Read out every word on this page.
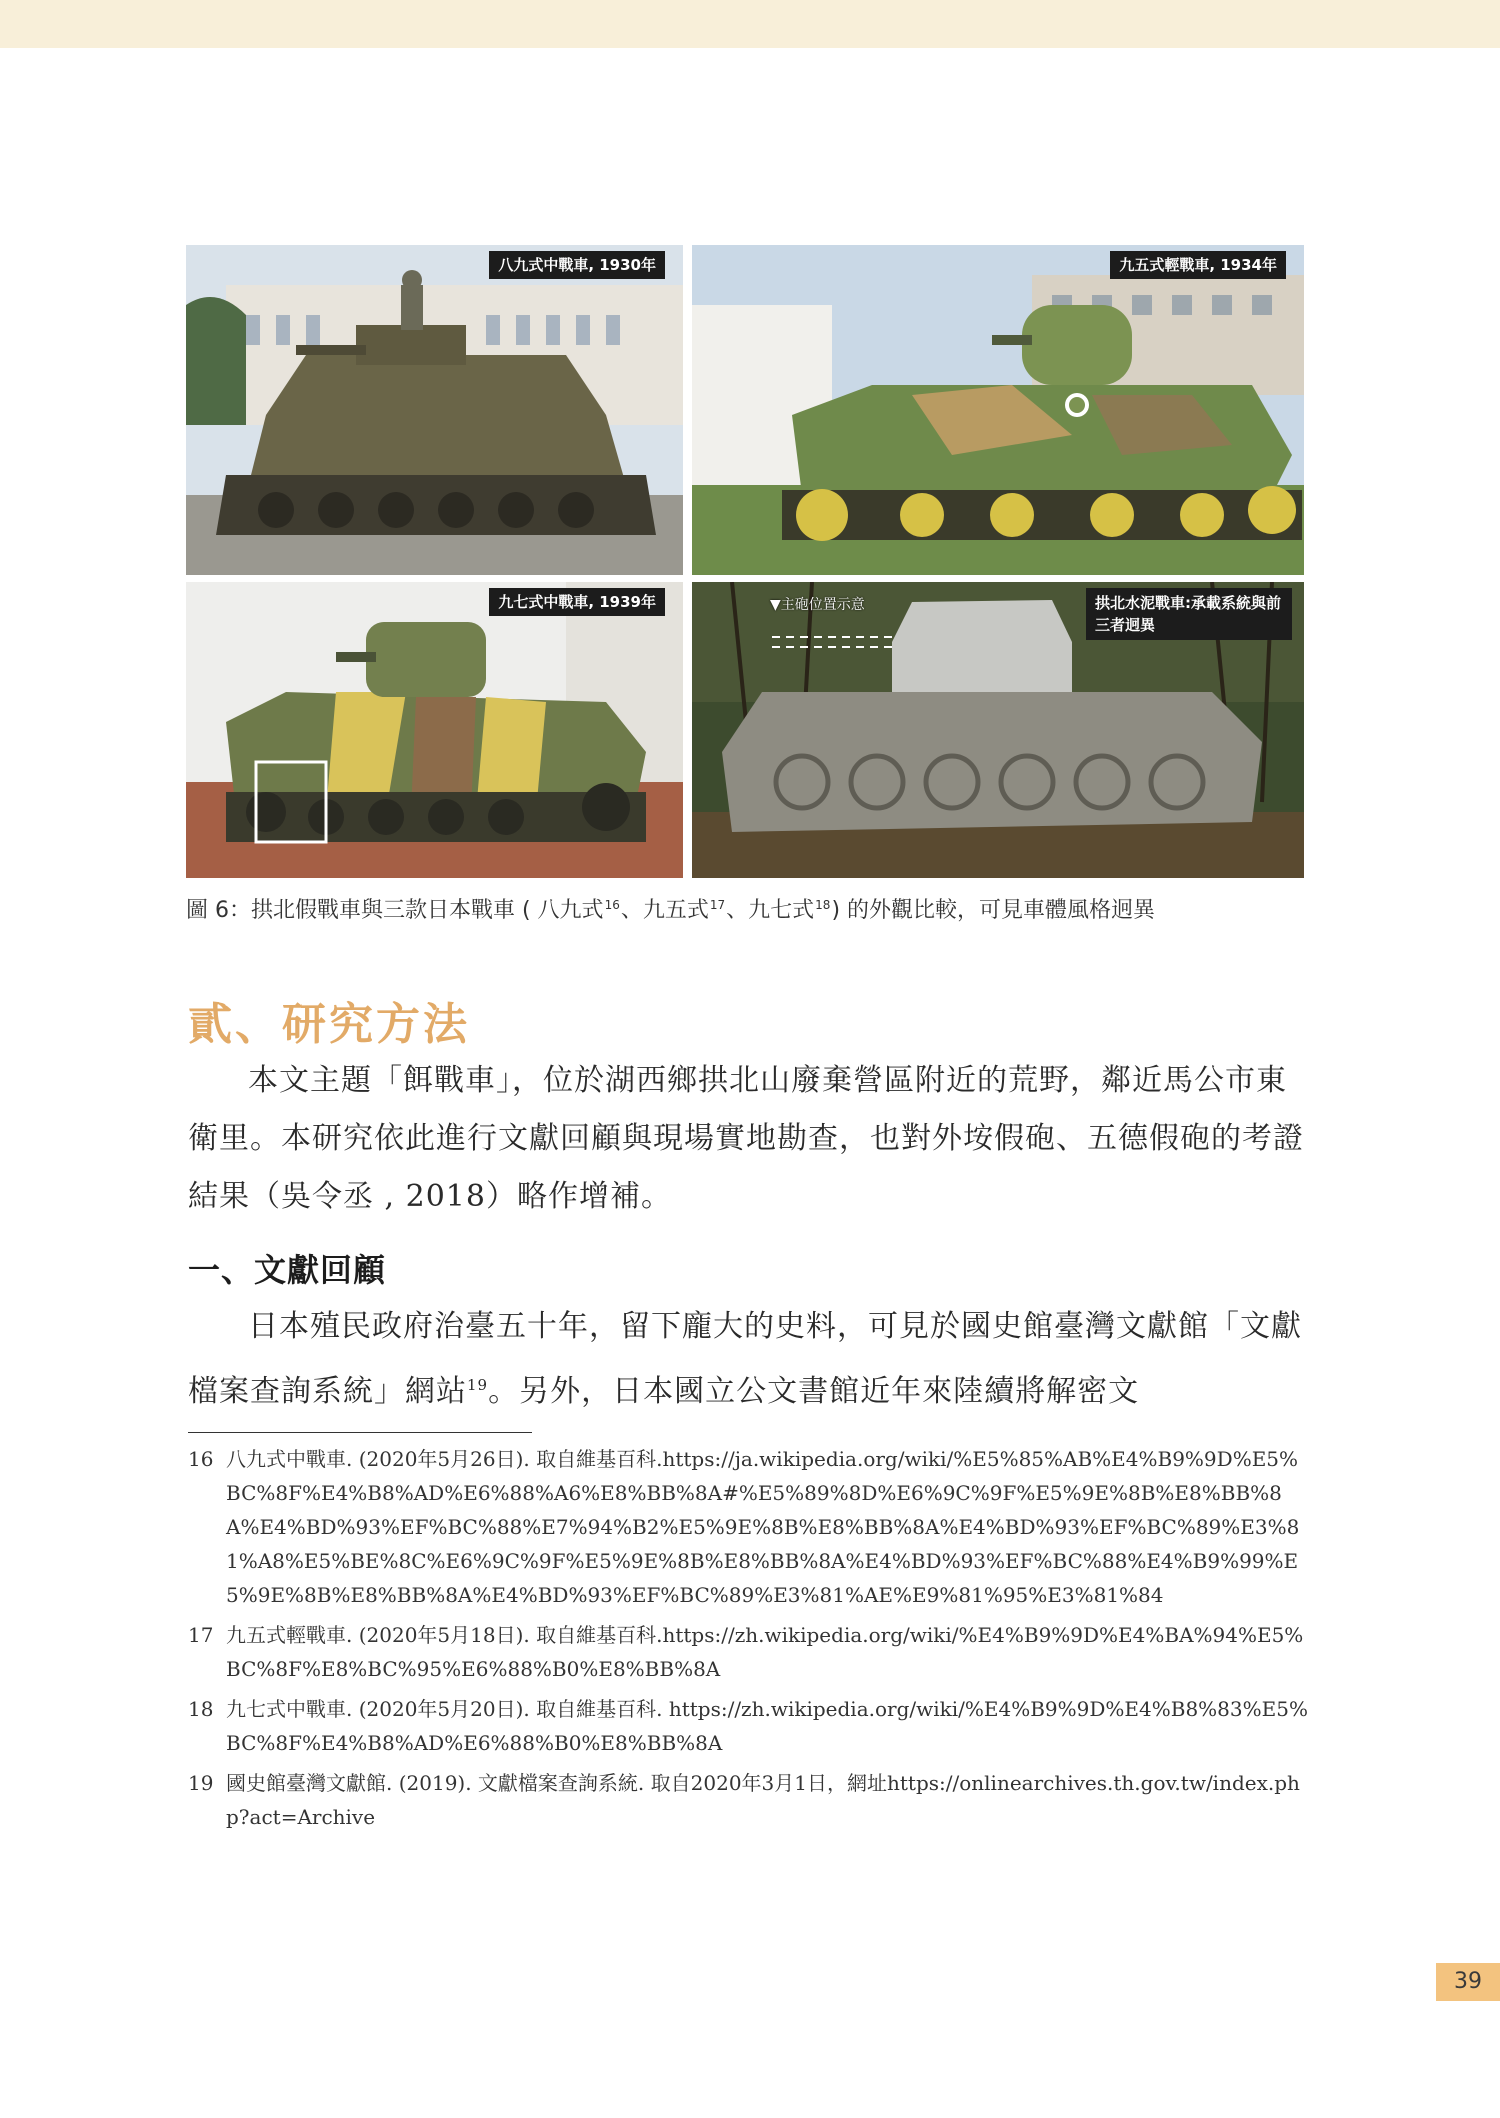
八九式中戰車, 1930年	九五式輕戰車, 1934年
九七式中戰車, 1939年	▼主砲位置示意	拱北水泥戰車:承載系統與前三者迥異
圖 6：拱北假戰車與三款日本戰車 ( 八九式$^{16}$、九五式$^{17}$、九七式$^{18}$) 的外觀比較，可見車體風格迥異
貳、研究方法

本文主題「餌戰車」，位於湖西鄉拱北山廢棄營區附近的荒野，鄰近馬公市東衛里。本研究依此進行文獻回顧與現場實地勘查，也對外垵假砲、五德假砲的考證結果（吳令丞 , 2018）略作增補。

一、文獻回顧

日本殖民政府治臺五十年，留下龐大的史料，可見於國史館臺灣文獻館「文獻檔案查詢系統」網站$^{19}$。另外，日本國立公文書館近年來陸續將解密文

16 八九式中戰車. (2020年5月26日). 取自維基百科.https://ja.wikipedia.org/wiki/%E5%85%AB%E4%B9%9D%E5%BC%8F%E4%B8%AD%E6%88%A6%E8%BB%8A#%E5%89%8D%E6%9C%9F%E5%9E%8B%E8%BB%8A%E4%BD%93%EF%BC%88%E7%94%B2%E5%9E%8B%E8%BB%8A%E4%BD%93%EF%BC%89%E3%81%A8%E5%BE%8C%E6%9C%9F%E5%9E%8B%E8%BB%8A%E4%BD%93%EF%BC%88%E4%B9%99%E5%9E%8B%E8%BB%8A%E4%BD%93%EF%BC%89%E3%81%AE%E9%81%95%E3%81%84
17 九五式輕戰車. (2020年5月18日). 取自維基百科.https://zh.wikipedia.org/wiki/%E4%B9%9D%E4%BA%94%E5%BC%8F%E8%BC%95%E6%88%B0%E8%BB%8A
18 九七式中戰車. (2020年5月20日). 取自維基百科. https://zh.wikipedia.org/wiki/%E4%B9%9D%E4%B8%83%E5%BC%8F%E4%B8%AD%E6%88%B0%E8%BB%8A
19 國史館臺灣文獻館. (2019). 文獻檔案查詢系統. 取自2020年3月1日，網址https://onlinearchives.th.gov.tw/index.php?act=Archive
39
